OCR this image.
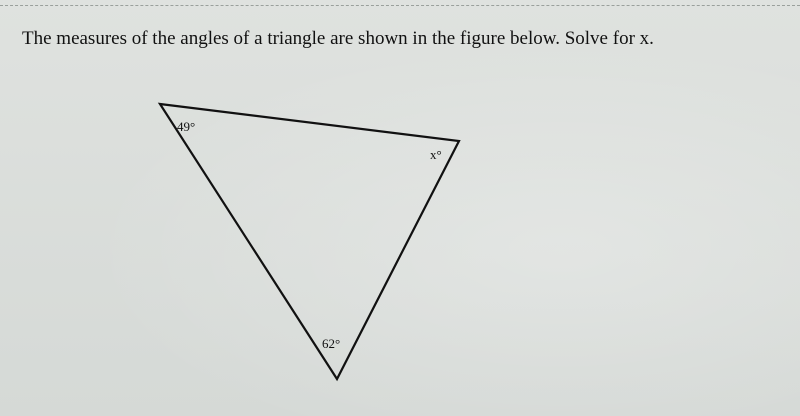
The measures of the angles of a triangle are shown in the figure below. Solve for x.
49°
x°
62°
